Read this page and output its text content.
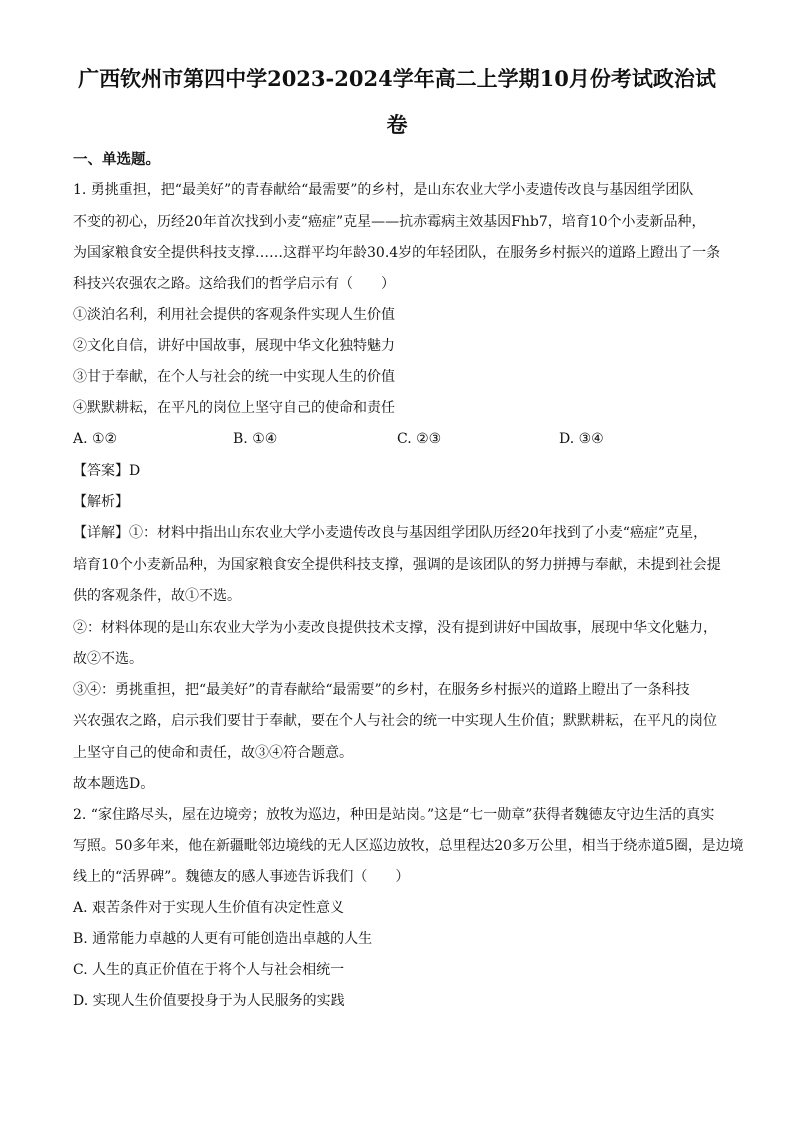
广西钦州市第四中学2023-2024学年高二上学期10月份考试政治试
卷

一、单选题。

1. 勇挑重担，把“最美好”的青春献给“最需要”的乡村，是山东农业大学小麦遗传改良与基因组学团队

不变的初心，历经20年首次找到小麦“癌症”克星——抗赤霉病主效基因Fhb7，培育10个小麦新品种，

为国家粮食安全提供科技支撑……这群平均年龄30.4岁的年轻团队，在服务乡村振兴的道路上蹬出了一条

科技兴农强农之路。这给我们的哲学启示有（　　）

①淡泊名利，利用社会提供的客观条件实现人生价值

②文化自信，讲好中国故事，展现中华文化独特魅力

③甘于奉献，在个人与社会的统一中实现人生的价值

④默默耕耘，在平凡的岗位上坚守自己的使命和责任

A. ①②	B. ①④	C. ②③	D. ③④

【答案】D

【解析】

【详解】①：材料中指出山东农业大学小麦遗传改良与基因组学团队历经20年找到了小麦“癌症”克星，

培育10个小麦新品种，为国家粮食安全提供科技支撑，强调的是该团队的努力拼搏与奉献，未提到社会提

供的客观条件，故①不选。

②：材料体现的是山东农业大学为小麦改良提供技术支撑，没有提到讲好中国故事，展现中华文化魅力，

故②不选。

③④：勇挑重担，把“最美好”的青春献给“最需要”的乡村，在服务乡村振兴的道路上瞪出了一条科技

兴农强农之路，启示我们要甘于奉献，要在个人与社会的统一中实现人生价值；默默耕耘，在平凡的岗位

上坚守自己的使命和责任，故③④符合题意。

故本题选D。

2. “家住路尽头，屋在边境旁；放牧为巡边，种田是站岗。”这是“七一勋章”获得者魏德友守边生活的真实

写照。50多年来，他在新疆毗邻边境线的无人区巡边放牧，总里程达20多万公里，相当于绕赤道5圈，是边境

线上的“活界碑”。魏德友的感人事迹告诉我们（　　）

A. 艰苦条件对于实现人生价值有决定性意义

B. 通常能力卓越的人更有可能创造出卓越的人生

C. 人生的真正价值在于将个人与社会相统一

D. 实现人生价值要投身于为人民服务的实践
